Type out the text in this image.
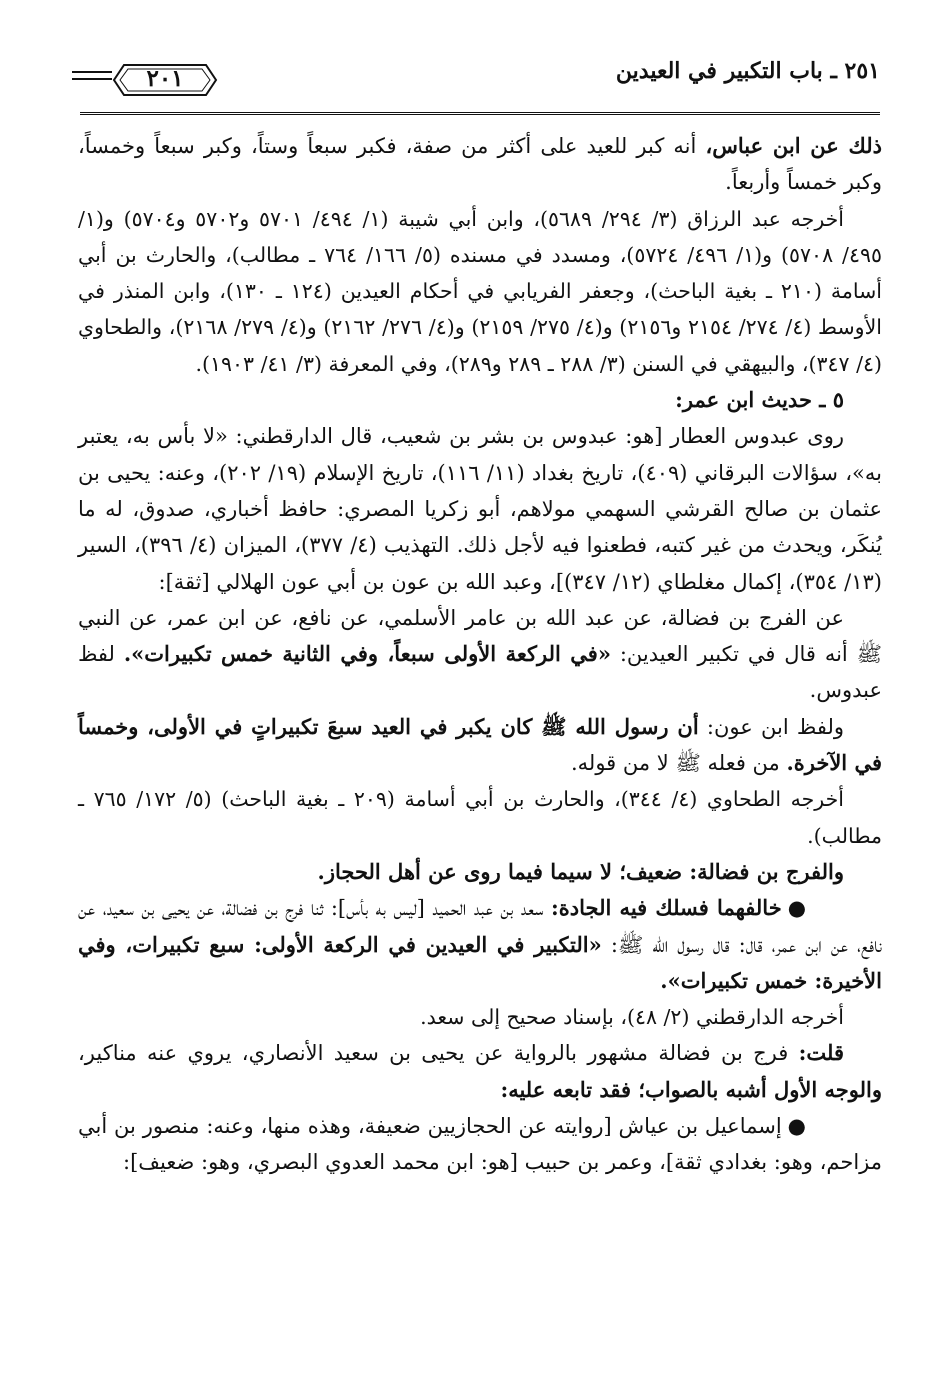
٢٠١	٢٥١ ـ باب التكبير في العيدين

ذلك عن ابن عباس، أنه كبر للعيد على أكثر من صفة، فكبر سبعاً وستاً، وكبر سبعاً وخمساً، وكبر خمساً وأربعاً.

أخرجه عبد الرزاق (٣/ ٢٩٤/ ٥٦٨٩)، وابن أبي شيبة (١/ ٤٩٤/ ٥٧٠١ و٥٧٠٢ و٥٧٠٤) و(١/ ٤٩٥/ ٥٧٠٨) و(١/ ٤٩٦/ ٥٧٢٤)، ومسدد في مسنده (٥/ ١٦٦/ ٧٦٤ ـ مطالب)، والحارث بن أبي أسامة (٢١٠ ـ بغية الباحث)، وجعفر الفريابي في أحكام العيدين (١٢٤ ـ ١٣٠)، وابن المنذر في الأوسط (٤/ ٢٧٤/ ٢١٥٤ و٢١٥٦) و(٤/ ٢٧٥/ ٢١٥٩) و(٤/ ٢٧٦/ ٢١٦٢) و(٤/ ٢٧٩/ ٢١٦٨)، والطحاوي (٤/ ٣٤٧)، والبيهقي في السنن (٣/ ٢٨٨ ـ ٢٨٩ و٢٨٩)، وفي المعرفة (٣/ ٤١/ ١٩٠٣).

٥ ـ حديث ابن عمر:

روى عبدوس العطار [هو: عبدوس بن بشر بن شعيب، قال الدارقطني: «لا بأس به، يعتبر به»، سؤالات البرقاني (٤٠٩)، تاريخ بغداد (١١/ ١١٦)، تاريخ الإسلام (١٩/ ٢٠٢)، وعنه: يحيى بن عثمان بن صالح القرشي السهمي مولاهم، أبو زكريا المصري: حافظ أخباري، صدوق، له ما يُنكَر، ويحدث من غير كتبه، فطعنوا فيه لأجل ذلك. التهذيب (٤/ ٣٧٧)، الميزان (٤/ ٣٩٦)، السير (١٣/ ٣٥٤)، إكمال مغلطاي (١٢/ ٣٤٧)]، وعبد الله بن عون بن أبي عون الهلالي [ثقة]:

عن الفرج بن فضالة، عن عبد الله بن عامر الأسلمي، عن نافع، عن ابن عمر، عن النبي ﷺ أنه قال في تكبير العيدين: «في الركعة الأولى سبعاً، وفي الثانية خمس تكبيرات». لفظ عبدوس.

ولفظ ابن عون: أن رسول الله ﷺ كان يكبر في العيد سبعَ تكبيراتٍ في الأولى، وخمساً في الآخرة. من فعله ﷺ لا من قوله.

أخرجه الطحاوي (٤/ ٣٤٤)، والحارث بن أبي أسامة (٢٠٩ ـ بغية الباحث) (٥/ ١٧٢/ ٧٦٥ ـ مطالب).

والفرج بن فضالة: ضعيف؛ لا سيما فيما روى عن أهل الحجاز.

●خالفهما فسلك فيه الجادة: سعد بن عبد الحميد [ليس به بأس]: ثنا فرج بن فضالة، عن يحيى بن سعيد، عن نافع، عن ابن عمر، قال: قال رسول الله ﷺ: «التكبير في العيدين في الركعة الأولى: سبع تكبيرات، وفي الأخيرة: خمس تكبيرات».

أخرجه الدارقطني (٢/ ٤٨)، بإسناد صحيح إلى سعد.

قلت: فرج بن فضالة مشهور بالرواية عن يحيى بن سعيد الأنصاري، يروي عنه مناكير، والوجه الأول أشبه بالصواب؛ فقد تابعه عليه:

●إسماعيل بن عياش [روايته عن الحجازيين ضعيفة، وهذه منها، وعنه: منصور بن أبي مزاحم، وهو: بغدادي ثقة]، وعمر بن حبيب [هو: ابن محمد العدوي البصري، وهو: ضعيف]:
